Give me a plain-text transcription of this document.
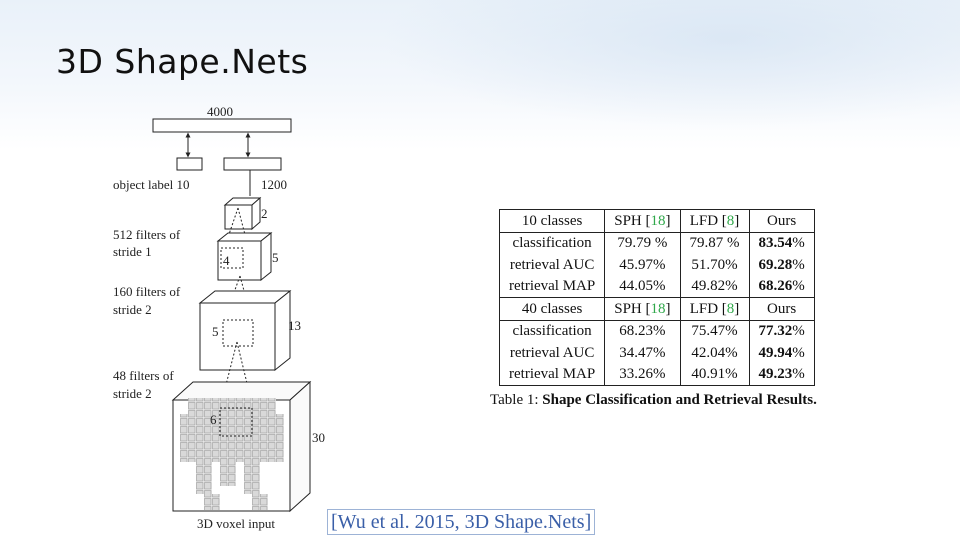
3D Shape.Nets
4000
object label 10	1200
2
512 filters of
stride 1
4	5
160 filters of
stride 2
5	13
48 filters of
stride 2
6
30
3D voxel input
10 classes	SPH [18]	LFD [8]	Ours
classification	79.79 %	79.87 %	83.54%
retrieval AUC	45.97%	51.70%	69.28%
retrieval MAP	44.05%	49.82%	68.26%
40 classes	SPH [18]	LFD [8]	Ours
classification	68.23%	75.47%	77.32%
retrieval AUC	34.47%	42.04%	49.94%
retrieval MAP	33.26%	40.91%	49.23%

Table 1: Shape Classification and Retrieval Results.

[Wu et al. 2015, 3D Shape.Nets]
